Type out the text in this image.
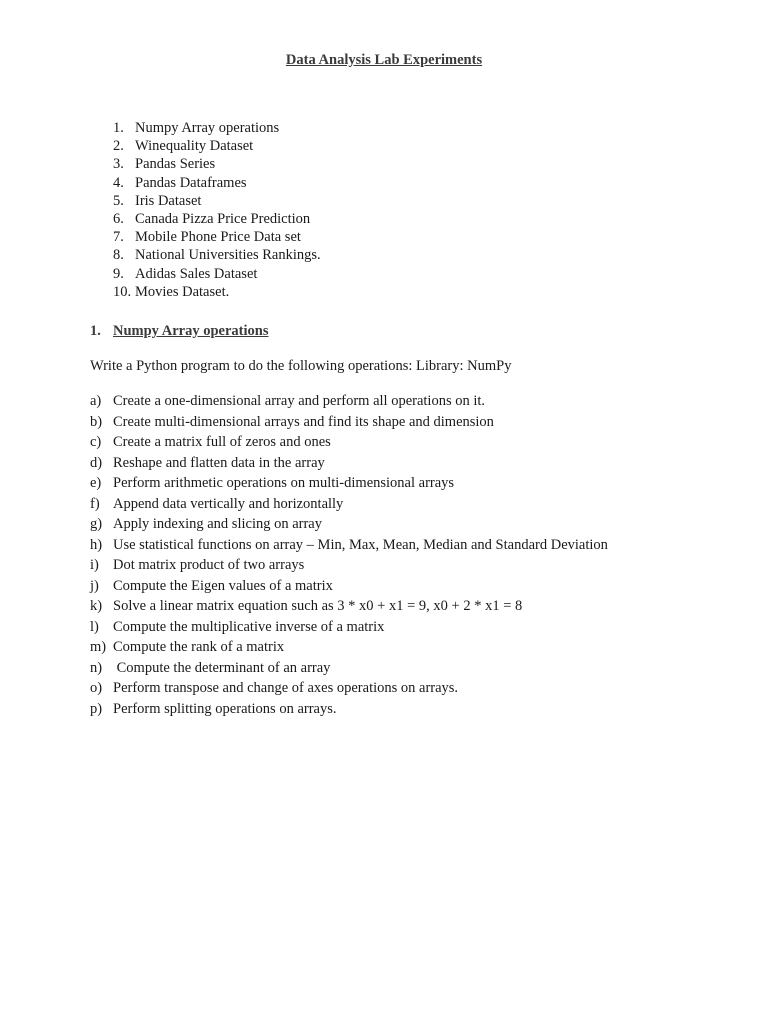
Data Analysis Lab Experiments
1. Numpy Array operations
2. Winequality Dataset
3. Pandas Series
4. Pandas Dataframes
5. Iris Dataset
6. Canada Pizza Price Prediction
7. Mobile Phone Price Data set
8. National Universities Rankings.
9. Adidas Sales Dataset
10. Movies Dataset.
1. Numpy Array operations
Write a Python program to do the following operations: Library: NumPy
a) Create a one-dimensional array and perform all operations on it.
b) Create multi-dimensional arrays and find its shape and dimension
c) Create a matrix full of zeros and ones
d) Reshape and flatten data in the array
e) Perform arithmetic operations on multi-dimensional arrays
f) Append data vertically and horizontally
g) Apply indexing and slicing on array
h) Use statistical functions on array – Min, Max, Mean, Median and Standard Deviation
i) Dot matrix product of two arrays
j) Compute the Eigen values of a matrix
k) Solve a linear matrix equation such as 3 * x0 + x1 = 9, x0 + 2 * x1 = 8
l) Compute the multiplicative inverse of a matrix
m) Compute the rank of a matrix
n) Compute the determinant of an array
o) Perform transpose and change of axes operations on arrays.
p) Perform splitting operations on arrays.
